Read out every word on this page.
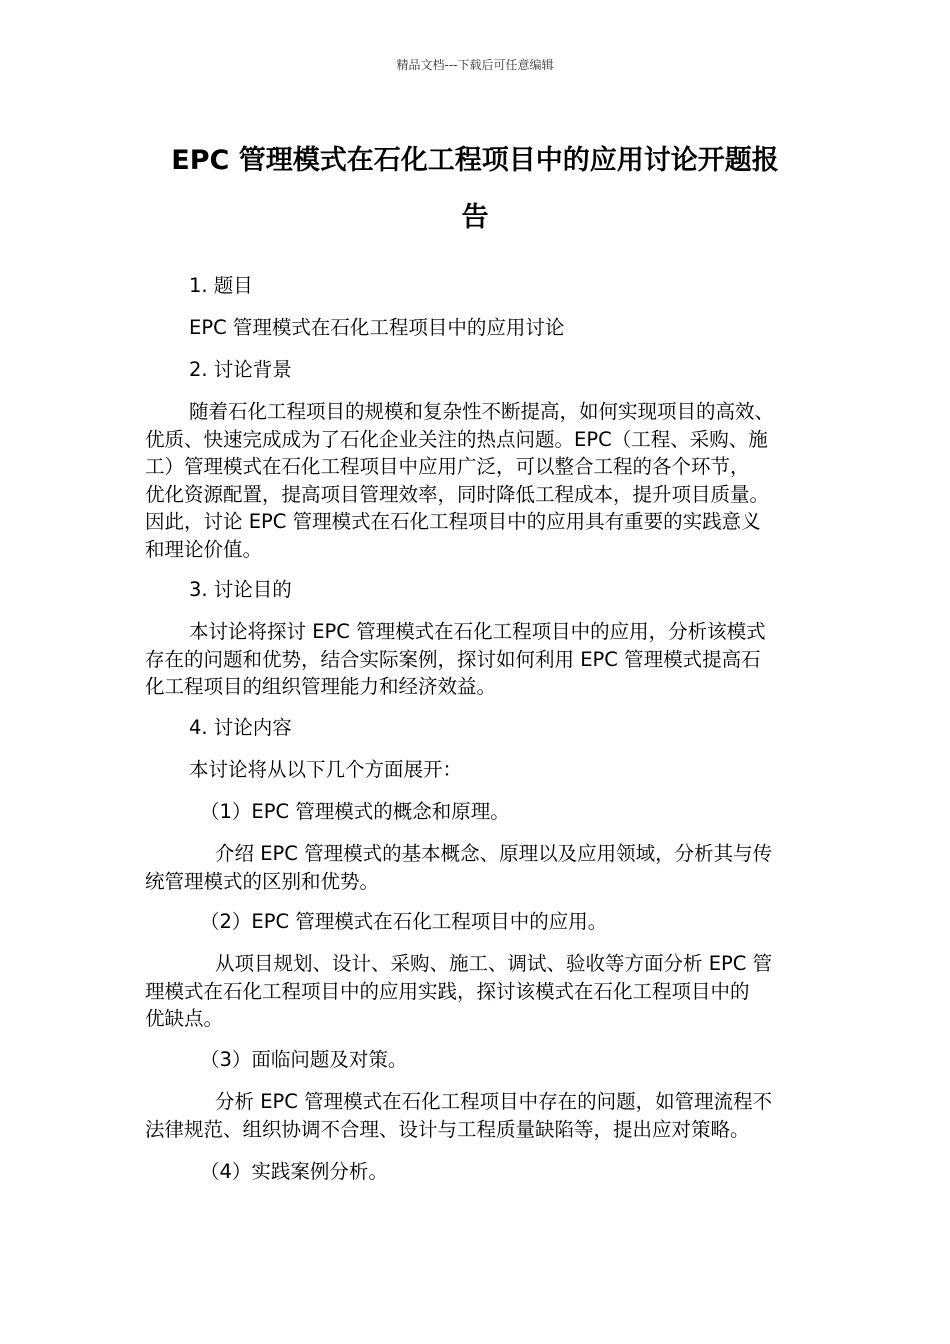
精品文档---下载后可任意编辑
EPC 管理模式在石化工程项目中的应用讨论开题报
告

1. 题目

EPC 管理模式在石化工程项目中的应用讨论

2. 讨论背景

随着石化工程项目的规模和复杂性不断提高，如何实现项目的高效、
优质、快速完成成为了石化企业关注的热点问题。EPC（工程、采购、施
工）管理模式在石化工程项目中应用广泛，可以整合工程的各个环节，
优化资源配置，提高项目管理效率，同时降低工程成本，提升项目质量。
因此，讨论 EPC 管理模式在石化工程项目中的应用具有重要的实践意义
和理论价值。

3. 讨论目的

本讨论将探讨 EPC 管理模式在石化工程项目中的应用，分析该模式
存在的问题和优势，结合实际案例，探讨如何利用 EPC 管理模式提高石
化工程项目的组织管理能力和经济效益。

4. 讨论内容

本讨论将从以下几个方面展开：

（1）EPC 管理模式的概念和原理。

介绍 EPC 管理模式的基本概念、原理以及应用领域，分析其与传
统管理模式的区别和优势。

（2）EPC 管理模式在石化工程项目中的应用。

从项目规划、设计、采购、施工、调试、验收等方面分析 EPC 管
理模式在石化工程项目中的应用实践，探讨该模式在石化工程项目中的
优缺点。

（3）面临问题及对策。

分析 EPC 管理模式在石化工程项目中存在的问题，如管理流程不
法律规范、组织协调不合理、设计与工程质量缺陷等，提出应对策略。

（4）实践案例分析。
